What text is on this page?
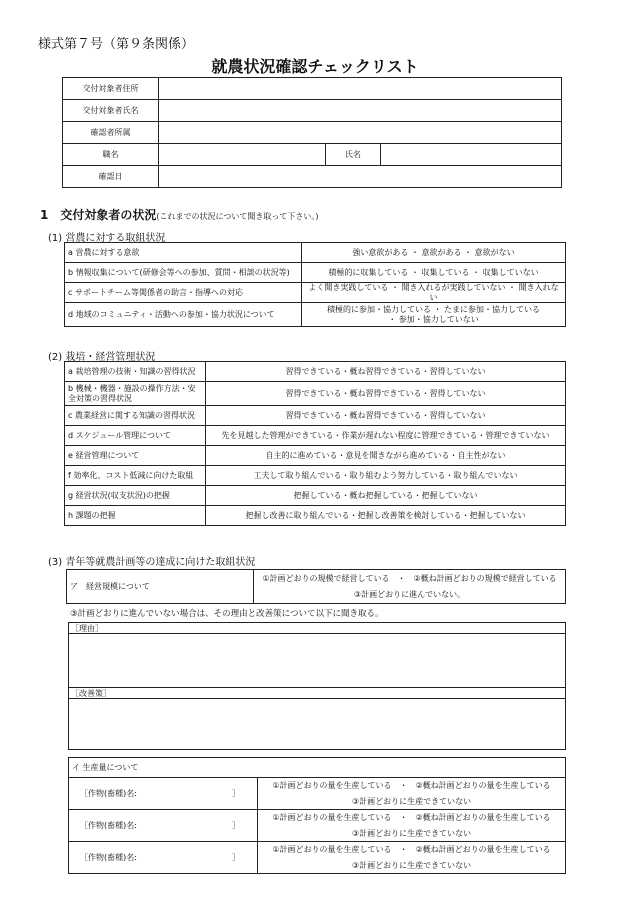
様式第７号（第９条関係）
就農状況確認チェックリスト
交付対象者住所			
交付対象者氏名			
確認者所属			
職名		氏名	
確認日			
1　交付対象者の状況(これまでの状況について聞き取って下さい。)
(1) 営農に対する取組状況
a 営農に対する意欲	強い意欲がある ・ 意欲がある ・ 意欲がない
b 情報収集について(研修会等への参加、質問・相談の状況等)	積極的に収集している ・ 収集している ・ 収集していない
c サポートチーム等関係者の助言・指導への対応	よく聞き実践している ・ 聞き入れるが実践していない ・ 聞き入れない
d 地域のコミュニティ・活動への参加・協力状況について	積極的に参加・協力している ・ たまに参加・協力している
・ 参加・協力していない
(2) 栽培・経営管理状況
a 栽培管理の技術・知識の習得状況	習得できている・概ね習得できている・習得していない
b 機械・機器・施設の操作方法・安全対策の習得状況	習得できている・概ね習得できている・習得していない
c 農業経営に関する知識の習得状況	習得できている・概ね習得できている・習得していない
d スケジュール管理について	先を見越した管理ができている・作業が遅れない程度に管理できている・管理できていない
e 経営管理について	自主的に進めている・意見を聞きながら進めている・自主性がない
f 効率化、コスト低減に向けた取組	工夫して取り組んでいる・取り組むよう努力している・取り組んでいない
g 経営状況(収支状況)の把握	把握している・概ね把握している・把握していない
h 課題の把握	把握し改善に取り組んでいる・把握し改善策を検討している・把握していない
(3) 青年等就農計画等の達成に向けた取組状況
ア　経営規模について	①計画どおりの規模で経営している　・　②概ね計画どおりの規模で経営している
③計画どおりに進んでいない。
③計画どおりに進んでいない場合は、その理由と改善策について以下に聞き取る。
［理由］
［改善策］
イ 生産量について	
［作物(畜種)名: ］	①計画どおりの量を生産している　・　②概ね計画どおりの量を生産している
	③計画どおりに生産できていない
［作物(畜種)名: ］	①計画どおりの量を生産している　・　②概ね計画どおりの量を生産している
	③計画どおりに生産できていない
［作物(畜種)名: ］	①計画どおりの量を生産している　・　②概ね計画どおりの量を生産している
	③計画どおりに生産できていない
